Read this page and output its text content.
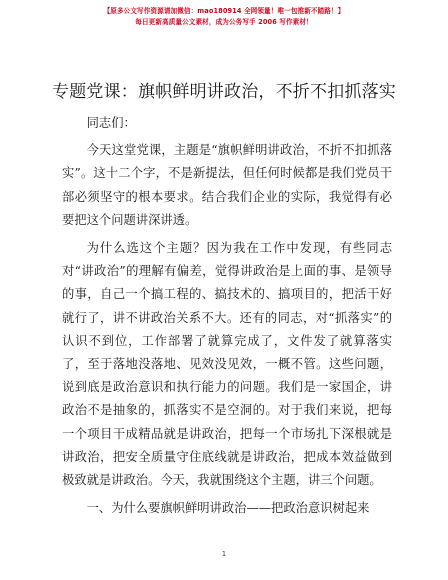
【原多公文写作资源请加微信：mao180914 全网领量！唯一包推新不踏路！】
每日更新高质量公文素材，成为公务写手 2006 写作素材！
专题党课：旗帜鲜明讲政治，不折不扣抓落实

同志们：

今天这堂党课，主题是“旗帜鲜明讲政治，不折不扣抓落实”。这十二个字，不是新提法，但任何时候都是我们党员干部必须坚守的根本要求。结合我们企业的实际，我觉得有必要把这个问题讲深讲透。

为什么选这个主题？因为我在工作中发现，有些同志对“讲政治”的理解有偏差，觉得讲政治是上面的事、是领导的事，自己一个搞工程的、搞技术的、搞项目的，把活干好就行了，讲不讲政治关系不大。还有的同志，对“抓落实”的认识不到位，工作部署了就算完成了，文件发了就算落实了，至于落地没落地、见效没见效，一概不管。这些问题，说到底是政治意识和执行能力的问题。我们是一家国企，讲政治不是抽象的，抓落实不是空洞的。对于我们来说，把每一个项目干成精品就是讲政治，把每一个市场扎下深根就是讲政治，把安全质量守住底线就是讲政治，把成本效益做到极致就是讲政治。今天，我就围绕这个主题，讲三个问题。

一、为什么要旗帜鲜明讲政治——把政治意识树起来

1
